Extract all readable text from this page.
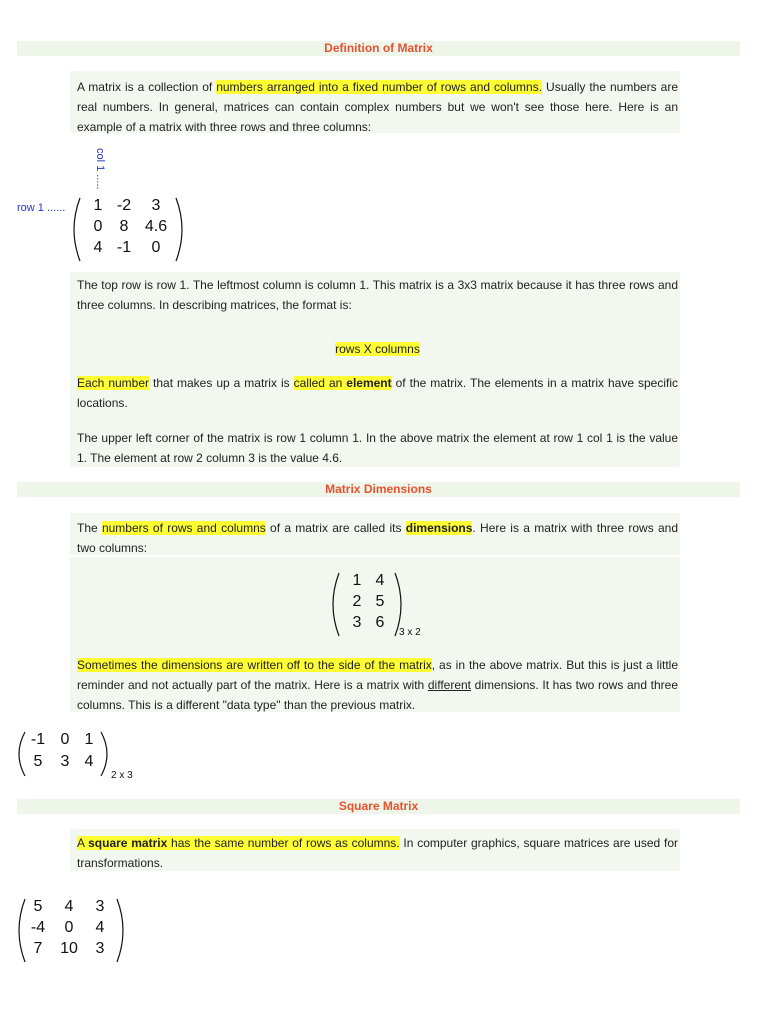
Definition of Matrix

A matrix is a collection of numbers arranged into a fixed number of rows and columns. Usually the numbers are real numbers. In general, matrices can contain complex numbers but we won't see those here. Here is an example of a matrix with three rows and three columns:

col 1 .....
row 1 ......	1 -2	3
0	8	4.6
4 -1	0

The top row is row 1. The leftmost column is column 1. This matrix is a 3x3 matrix because it has three rows and three columns. In describing matrices, the format is:

rows X columns

Each number that makes up a matrix is called an element of the matrix. The elements in a matrix have specific locations.

The upper left corner of the matrix is row 1 column 1. In the above matrix the element at row 1 col 1 is the value 1. The element at row 2 column 3 is the value 4.6.

Matrix Dimensions

The numbers of rows and columns of a matrix are called its dimensions. Here is a matrix with three rows and two columns:

1 4
2 5
3 6
3 x 2

Sometimes the dimensions are written off to the side of the matrix, as in the above matrix. But this is just a little reminder and not actually part of the matrix. Here is a matrix with different dimensions. It has two rows and three columns. This is a different "data type" than the previous matrix.

-1 0 1
5	3 4
2 x 3
Square Matrix

A square matrix has the same number of rows as columns. In computer graphics, square matrices are used for transformations.

5	4	3
-4	0	4
7	10	3
